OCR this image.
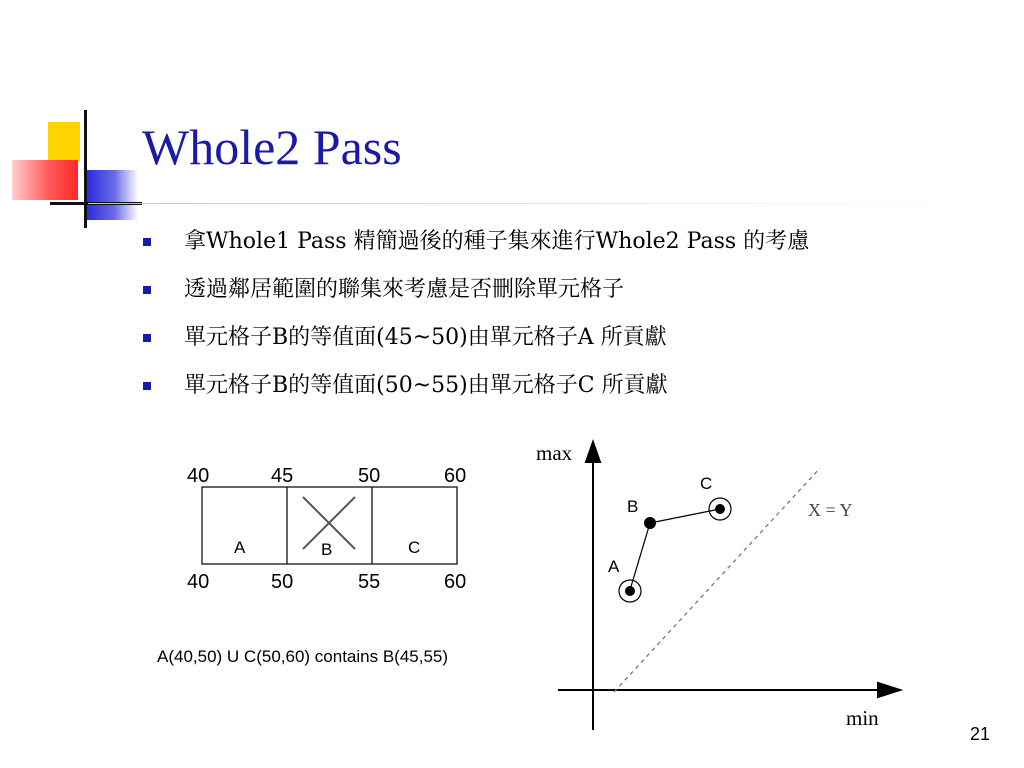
Whole2 Pass
拿Whole1 Pass 精簡過後的種子集來進行Whole2 Pass 的考慮
透過鄰居範圍的聯集來考慮是否刪除單元格子
單元格子B的等值面(45~50)由單元格子A 所貢獻
單元格子B的等值面(50~55)由單元格子C 所貢獻
40	45	50	60
A	B	C
40	50	55	60
A(40,50) U C(50,60) contains B(45,55)
max
min
X = Y
A
B
C
21
